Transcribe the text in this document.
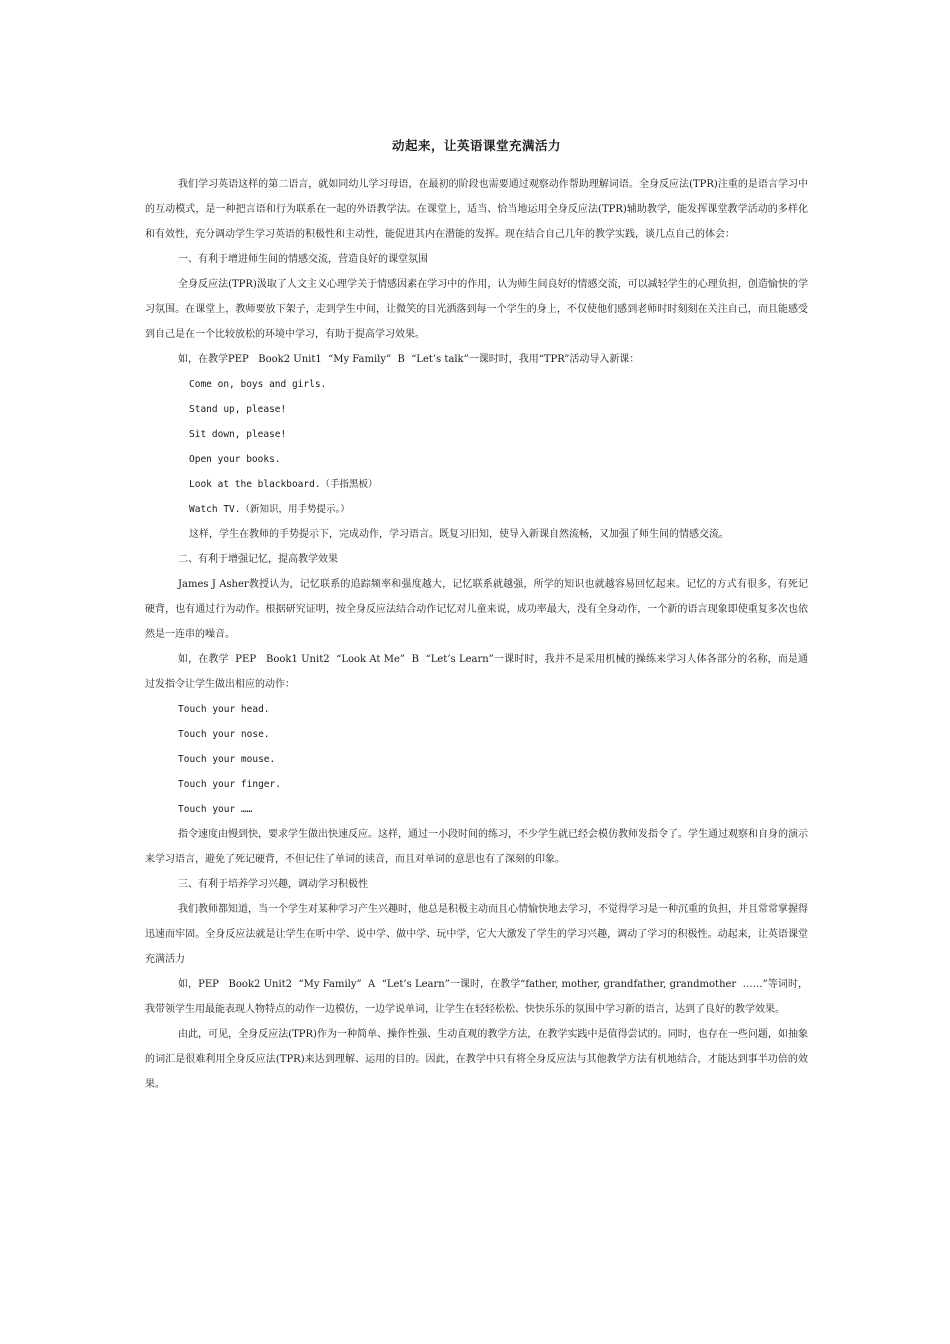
动起来，让英语课堂充满活力

我们学习英语这样的第二语言，就如同幼儿学习母语，在最初的阶段也需要通过观察动作帮助理解词语。全身反应法(TPR)注重的是语言学习中的互动模式，是一种把言语和行为联系在一起的外语教学法。在课堂上，适当、恰当地运用全身反应法(TPR)辅助教学，能发挥课堂教学活动的多样化和有效性，充分调动学生学习英语的积极性和主动性，能促进其内在潜能的发挥。现在结合自己几年的教学实践，谈几点自己的体会：

一、有利于增进师生间的情感交流，营造良好的课堂氛围

全身反应法(TPR)汲取了人文主义心理学关于情感因素在学习中的作用，认为师生间良好的情感交流，可以减轻学生的心理负担，创造愉快的学习氛围。在课堂上，教师要放下架子，走到学生中间，让微笑的目光洒落到每一个学生的身上，不仅使他们感到老师时时刻刻在关注自己，而且能感受到自己是在一个比较放松的环境中学习，有助于提高学习效果。

如，在教学PEP   Book2 Unit1  “My Family”  B  “Let’s talk”一课时时，我用“TPR”活动导入新课：

Come on, boys and girls.

Stand up, please!

Sit down, please!

Open your books.

Look at the blackboard.（手指黑板）

Watch TV.（新知识，用手势提示。）

这样，学生在教师的手势提示下，完成动作，学习语言。既复习旧知，使导入新课自然流畅，又加强了师生间的情感交流。

二、有利于增强记忆，提高教学效果

James J Asher教授认为，记忆联系的追踪频率和强度越大，记忆联系就越强，所学的知识也就越容易回忆起来。记忆的方式有很多，有死记硬背，也有通过行为动作。根据研究证明，按全身反应法结合动作记忆对儿童来说，成功率最大，没有全身动作，一个新的语言现象即使重复多次也依然是一连串的噪音。

如，在教学  PEP   Book1 Unit2  “Look At Me”  B  “Let’s Learn”一课时时，我并不是采用机械的操练来学习人体各部分的名称，而是通过发指令让学生做出相应的动作：

Touch your head.

Touch your nose.

Touch your mouse.

Touch your finger.

Touch your ……

指令速度由慢到快，要求学生做出快速反应。这样，通过一小段时间的练习，不少学生就已经会模仿教师发指令了。学生通过观察和自身的演示来学习语言，避免了死记硬背，不但记住了单词的读音，而且对单词的意思也有了深刻的印象。

三、有利于培养学习兴趣，调动学习积极性

我们教师都知道，当一个学生对某种学习产生兴趣时，他总是积极主动而且心情愉快地去学习，不觉得学习是一种沉重的负担，并且常常掌握得迅速而牢固。全身反应法就是让学生在听中学、说中学、做中学、玩中学，它大大激发了学生的学习兴趣，调动了学习的积极性。动起来，让英语课堂充满活力

如，PEP   Book2 Unit2  “My Family”  A  “Let’s Learn”一课时，在教学“father, mother, grandfather, grandmother  ……”等词时，我带领学生用最能表现人物特点的动作一边模仿，一边学说单词，让学生在轻轻松松、快快乐乐的氛围中学习新的语言，达到了良好的教学效果。

由此，可见，全身反应法(TPR)作为一种简单、操作性强、生动直观的教学方法，在教学实践中是值得尝试的。同时，也存在一些问题，如抽象的词汇是很难利用全身反应法(TPR)来达到理解、运用的目的。因此，在教学中只有将全身反应法与其他教学方法有机地结合，才能达到事半功倍的效果。
